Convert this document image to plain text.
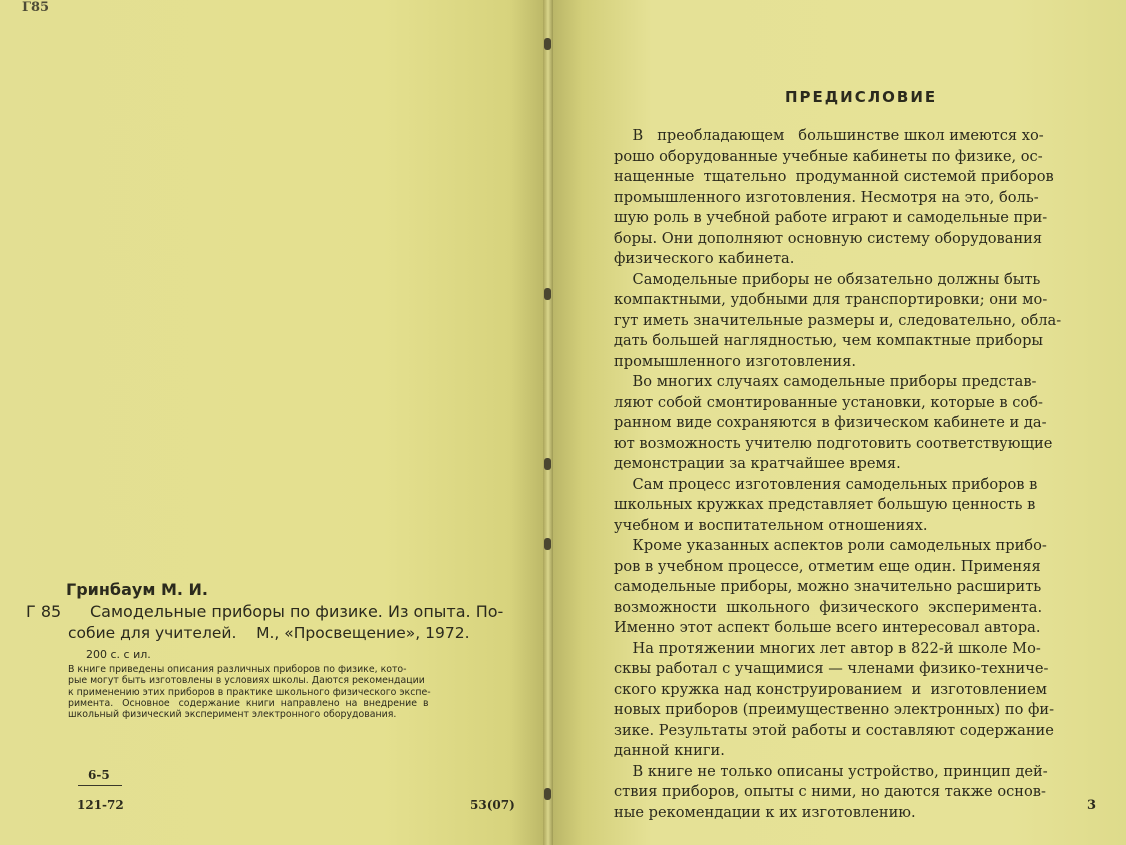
Г85
Гринбаум М. И.
Г 85 Самодельные приборы по физике. Из опыта. По-
собие для учителей.    М., «Просвещение», 1972.
200 с. с ил.

В книге приведены описания различных приборов по физике, кото-

рые могут быть изготовлены в условиях школы. Даются рекомендации

к применению этих приборов в практике школьного физического экспе-

римента.   Основное   содержание  книги  направлено  на  внедрение  в

школьный физический эксперимент электронного оборудования.

6-5
121-72	53(07)
ПРЕДИСЛОВИЕ

В   преобладающем   большинстве школ имеются хо-

рошо оборудованные учебные кабинеты по физике, ос-

нащенные  тщательно  продуманной системой приборов

промышленного изготовления. Несмотря на это, боль-

шую роль в учебной работе играют и самодельные при-

боры. Они дополняют основную систему оборудования

физического кабинета.

Самодельные приборы не обязательно должны быть

компактными, удобными для транспортировки; они мо-

гут иметь значительные размеры и, следовательно, обла-

дать большей наглядностью, чем компактные приборы

промышленного изготовления.

Во многих случаях самодельные приборы представ-

ляют собой смонтированные установки, которые в соб-

ранном виде сохраняются в физическом кабинете и да-

ют возможность учителю подготовить соответствующие

демонстрации за кратчайшее время.

Сам процесс изготовления самодельных приборов в

школьных кружках представляет большую ценность в

учебном и воспитательном отношениях.

Кроме указанных аспектов роли самодельных прибо-

ров в учебном процессе, отметим еще один. Применяя

самодельные приборы, можно значительно расширить

возможности  школьного  физического  эксперимента.

Именно этот аспект больше всего интересовал автора.

На протяжении многих лет автор в 822-й школе Мо-

сквы работал с учащимися — членами физико-техниче-

ского кружка над конструированием  и  изготовлением

новых приборов (преимущественно электронных) по фи-

зике. Результаты этой работы и составляют содержание

данной книги.

В книге не только описаны устройство, принцип дей-

ствия приборов, опыты с ними, но даются также основ-

ные рекомендации к их изготовлению.	3
